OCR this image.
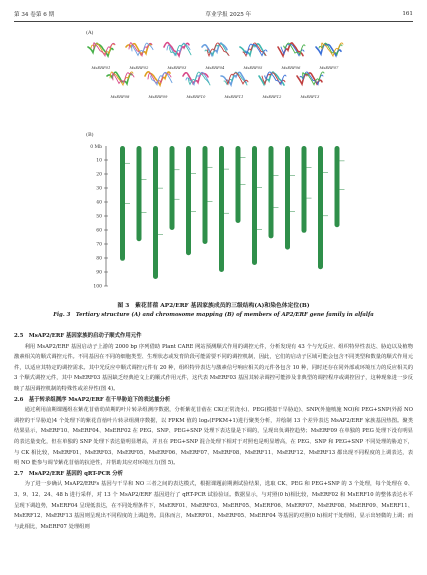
第 34 卷第 6 期	草业学报 2025 年	161
(A)
MsERF01	MsERF02	MsERF03	MsERF04	MsERF05	MsERF06	MsERF07
MsERF08	MsERF09	MsERF10	MsERF11	MsERF12	MsERF13
(B)
0 Mb
10
20
30
40
50
60
70
80
90
100
图 3　紫花苜蓿 AP2/ERF 基因家族成员的三级结构(A)和染色体定位(B)
Fig. 3　Tertiary structure (A) and chromosome mapping (B) of members of AP2/ERF gene family in alfalfa
2.5　MsAP2/ERF 基因家族的启动子顺式作用元件

利用 MsAP2/ERF 基因启动子上游的 2000 bp 序列借助 Plant CARE 网站预测顺式作用的调控元件，分析发现有 43 个与光反应、组织特异性表达、胁迫以及植物激素相关的顺式调控元件。不同基因在不同的细胞类型、生理状态或发育阶段可能需要不同的调控机制，因此，它们的启动子区域可能会包含不同类型和数量的顺式作用元件，以适应其特定的调控需求。其中光反应中顺式调控元件有 20 种，组织特异表达与激素信号响应相关的元件各包含 10 种，同时还存在同外部或环境压力的反应相关的 3 个顺式调控元件，其中 MsERF03 基因缺乏经典逆文上的顺式作用元件，这代表 MsERF03 基因其转录调控可能涉及非典型的调控程序或调控因子，这种现象进一步反映了基因调控机制的特殊性或差异性(图 4)。

2.6　基于转录组测序 MsAP2/ERF 在干旱胁迫下的表达量分析

通过利用前期课题组在紫花苜蓿幼苗期的叶片转录组测序数据，分析紫花苜蓿在 CK(正常浇水)、PEG(模拟干旱胁迫)、SNP(外施喷施 NO)和 PEG+SNP(外源 NO 调控的干旱胁迫)4 个处理下的紫花苜蓿叶片转录组测序数据，以 FPKM 值的 log₂(FPKM+1)进行聚类分析，并绘制 13 个差异表达 MsAP2/ERF 家族基因热图。聚类结果显示，MsERF10、MsERF04、MsERF02 在 PEG、SNP、PEG+SNP 处理下表达量是下调的，呈现出负调控趋势；MsERF09 在单独的 PEG 处理下没有明显的表达量变化，但在单独的 SNP 处理下表达量明显增高，并且在 PEG+SNP 混合处理下相对于对照也是明显增高，在 PEG、SNP 和 PEG+SNP 不同处理的胁迫下，与 CK 相比较，MsERF01、MsERF03、MsERF05、MsERF06、MsERF07、MsERF08、MsERF11、MsERF12、MsERF13 都出现不同程度的上调表达，表明 NO 能参与调节紫花苜蓿的抗逆性，并帮助其应对环境压力(图 5)。

2.7　MsAP2/ERF 基因的 qRT-PCR 分析

为了进一步确认 MsAP2/ERFs 基因与干旱和 NO 三者之间的表达模式，根据课题前期测试验结果，选取 CK、PEG 和 PEG+SNP 的 3 个处理，每个处理在 0、3、9、12、24、48 h 进行采样，对 13 个 MsAP2/ERF 基因进行了 qRT-PCR 试验验证。数据显示，与对照(0 h)相比较，MsERF02 和 MsERF10 的整体表达水平呈现下调趋势，MsERF04 呈现低表达，在不同处理条件下，MsERF01、MsERF03、MsERF05、MsERF06、MsERF07、MsERF08、MsERF09、MsERF11、MsERF12、MsERF13 基因则呈现出不同程度的上调趋势。具体而言，MsERF01、MsERF05、MsERF04 等基因的对照(0 h)相对干处理组，显示出轻微的上调；而与此相比，MsERF07 处理组则
